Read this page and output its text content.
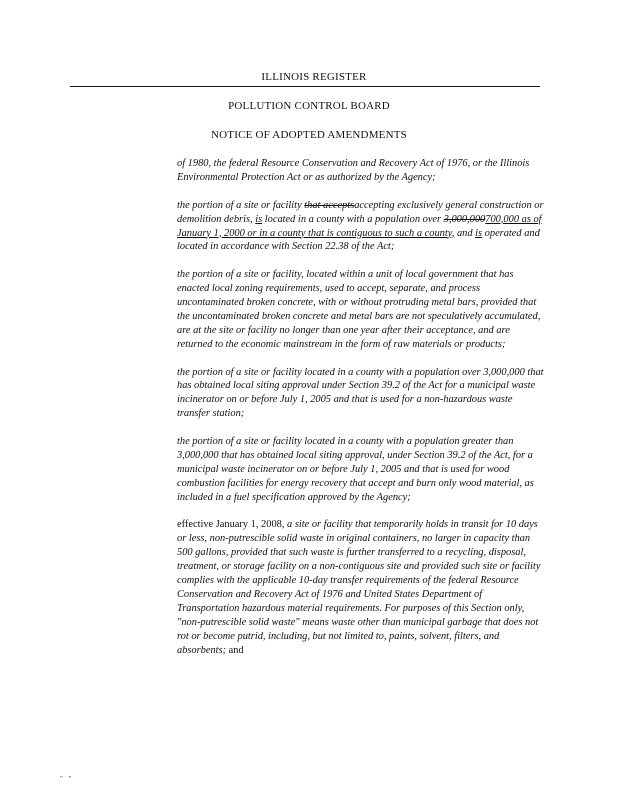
ILLINOIS REGISTER
POLLUTION CONTROL BOARD
NOTICE OF ADOPTED AMENDMENTS

of 1980, the federal Resource Conservation and Recovery Act of 1976, or the Illinois Environmental Protection Act or as authorized by the Agency;

the portion of a site or facility that acceptsaccepting exclusively general construction or demolition debris, is located in a county with a population over 3,000,000700,000 as of January 1, 2000 or in a county that is contiguous to such a county, and is operated and located in accordance with Section 22.38 of the Act;

the portion of a site or facility, located within a unit of local government that has enacted local zoning requirements, used to accept, separate, and process uncontaminated broken concrete, with or without protruding metal bars, provided that the uncontaminated broken concrete and metal bars are not speculatively accumulated, are at the site or facility no longer than one year after their acceptance, and are returned to the economic mainstream in the form of raw materials or products;

the portion of a site or facility located in a county with a population over 3,000,000 that has obtained local siting approval under Section 39.2 of the Act for a municipal waste incinerator on or before July 1, 2005 and that is used for a non-hazardous waste transfer station;

the portion of a site or facility located in a county with a population greater than 3,000,000 that has obtained local siting approval, under Section 39.2 of the Act, for a municipal waste incinerator on or before July 1, 2005 and that is used for wood combustion facilities for energy recovery that accept and burn only wood material, as included in a fuel specification approved by the Agency;

effective January 1, 2008, a site or facility that temporarily holds in transit for 10 days or less, non-putrescible solid waste in original containers, no larger in capacity than 500 gallons, provided that such waste is further transferred to a recycling, disposal, treatment, or storage facility on a non-contiguous site and provided such site or facility complies with the applicable 10-day transfer requirements of the federal Resource Conservation and Recovery Act of 1976 and United States Department of Transportation hazardous material requirements. For purposes of this Section only, "non-putrescible solid waste" means waste other than municipal garbage that does not rot or become putrid, including, but not limited to, paints, solvent, filters, and absorbents; and

" "
